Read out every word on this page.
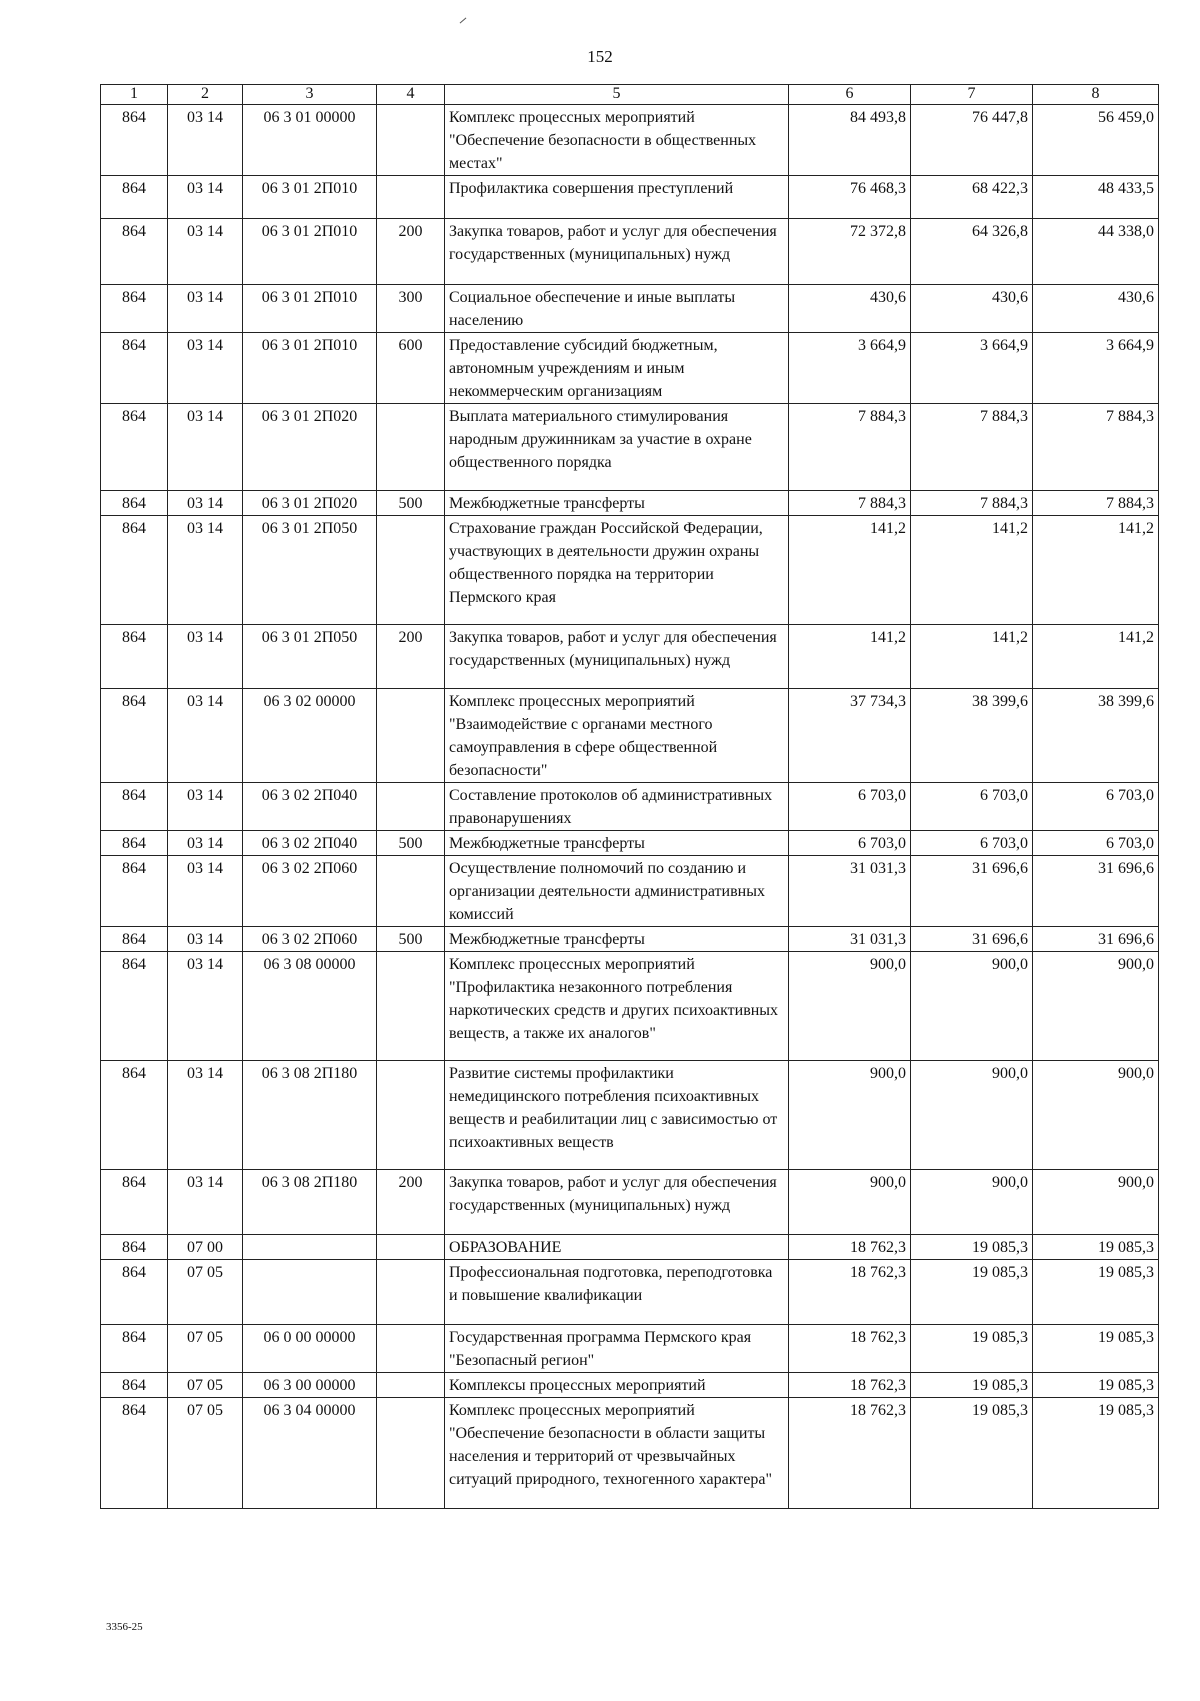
152
1	2	3	4	5	6	7	8
864	03 14	06 3 01 00000		Комплекс процессных мероприятий "Обеспечение безопасности в общественных местах"	84 493,8	76 447,8	56 459,0
864	03 14	06 3 01 2П010		Профилактика совершения преступлений	76 468,3	68 422,3	48 433,5
864	03 14	06 3 01 2П010	200	Закупка товаров, работ и услуг для обеспечения государственных (муниципальных) нужд	72 372,8	64 326,8	44 338,0
864	03 14	06 3 01 2П010	300	Социальное обеспечение и иные выплаты населению	430,6	430,6	430,6
864	03 14	06 3 01 2П010	600	Предоставление субсидий бюджетным, автономным учреждениям и иным некоммерческим организациям	3 664,9	3 664,9	3 664,9
864	03 14	06 3 01 2П020		Выплата материального стимулирования народным дружинникам за участие в охране общественного порядка	7 884,3	7 884,3	7 884,3
864	03 14	06 3 01 2П020	500	Межбюджетные трансферты	7 884,3	7 884,3	7 884,3
864	03 14	06 3 01 2П050		Страхование граждан Российской Федерации, участвующих в деятельности дружин охраны общественного порядка на территории Пермского края	141,2	141,2	141,2
864	03 14	06 3 01 2П050	200	Закупка товаров, работ и услуг для обеспечения государственных (муниципальных) нужд	141,2	141,2	141,2
864	03 14	06 3 02 00000		Комплекс процессных мероприятий "Взаимодействие с органами местного самоуправления в сфере общественной безопасности"	37 734,3	38 399,6	38 399,6
864	03 14	06 3 02 2П040		Составление протоколов об административных правонарушениях	6 703,0	6 703,0	6 703,0
864	03 14	06 3 02 2П040	500	Межбюджетные трансферты	6 703,0	6 703,0	6 703,0
864	03 14	06 3 02 2П060		Осуществление полномочий по созданию и организации деятельности административных комиссий	31 031,3	31 696,6	31 696,6
864	03 14	06 3 02 2П060	500	Межбюджетные трансферты	31 031,3	31 696,6	31 696,6
864	03 14	06 3 08 00000		Комплекс процессных мероприятий "Профилактика незаконного потребления наркотических средств и других психоактивных веществ, а также их аналогов"	900,0	900,0	900,0
864	03 14	06 3 08 2П180		Развитие системы профилактики немедицинского потребления психоактивных веществ и реабилитации лиц с зависимостью от психоактивных веществ	900,0	900,0	900,0
864	03 14	06 3 08 2П180	200	Закупка товаров, работ и услуг для обеспечения государственных (муниципальных) нужд	900,0	900,0	900,0
864	07 00			ОБРАЗОВАНИЕ	18 762,3	19 085,3	19 085,3
864	07 05			Профессиональная подготовка, переподготовка и повышение квалификации	18 762,3	19 085,3	19 085,3
864	07 05	06 0 00 00000		Государственная программа Пермского края "Безопасный регион"	18 762,3	19 085,3	19 085,3
864	07 05	06 3 00 00000		Комплексы процессных мероприятий	18 762,3	19 085,3	19 085,3
864	07 05	06 3 04 00000		Комплекс процессных мероприятий "Обеспечение безопасности в области защиты населения и территорий от чрезвычайных ситуаций природного, техногенного характера"	18 762,3	19 085,3	19 085,3
3356-25
